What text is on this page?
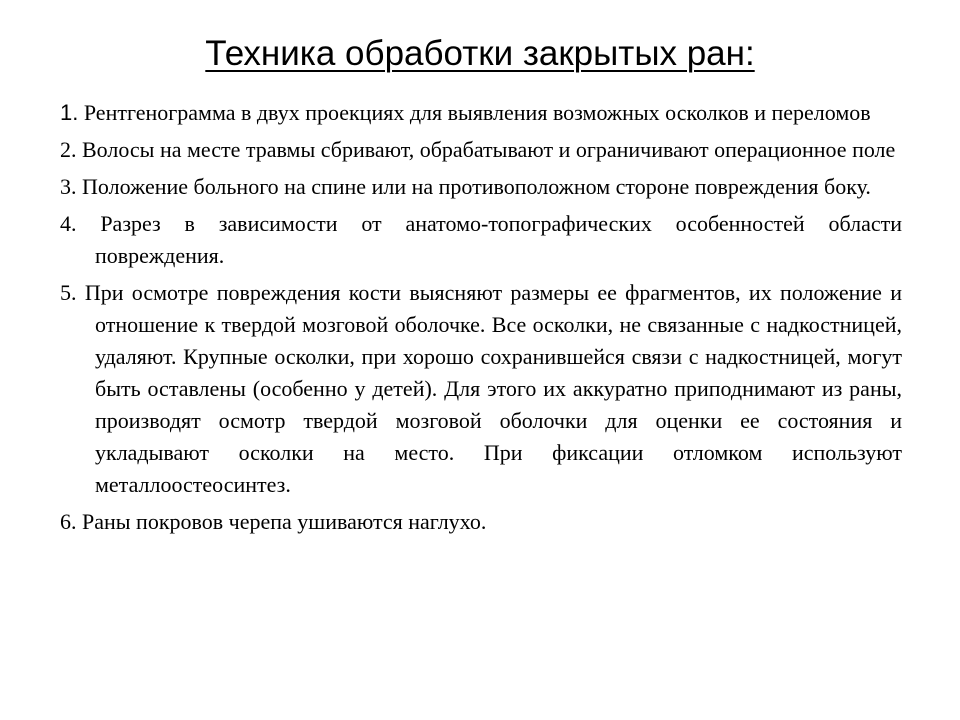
Техника обработки закрытых ран:
1. Рентгенограмма в двух проекциях для выявления возможных осколков и переломов
2. Волосы на месте травмы сбривают, обрабатывают и ограничивают операционное поле
3. Положение больного на спине или на противоположном стороне повреждения боку.
4. Разрез в зависимости от анатомо-топографических особенностей области повреждения.
5. При осмотре повреждения кости выясняют размеры ее фрагментов, их положение и отношение к твердой мозговой оболочке. Все осколки, не связанные с надкостницей, удаляют. Крупные осколки, при хорошо сохранившейся связи с надкостницей, могут быть оставлены (особенно у детей). Для этого их аккуратно приподнимают из раны, производят осмотр твердой мозговой оболочки для оценки ее состояния и укладывают осколки на место. При фиксации отломком используют металлоостеосинтез.
6. Раны покровов черепа ушиваются наглухо.
